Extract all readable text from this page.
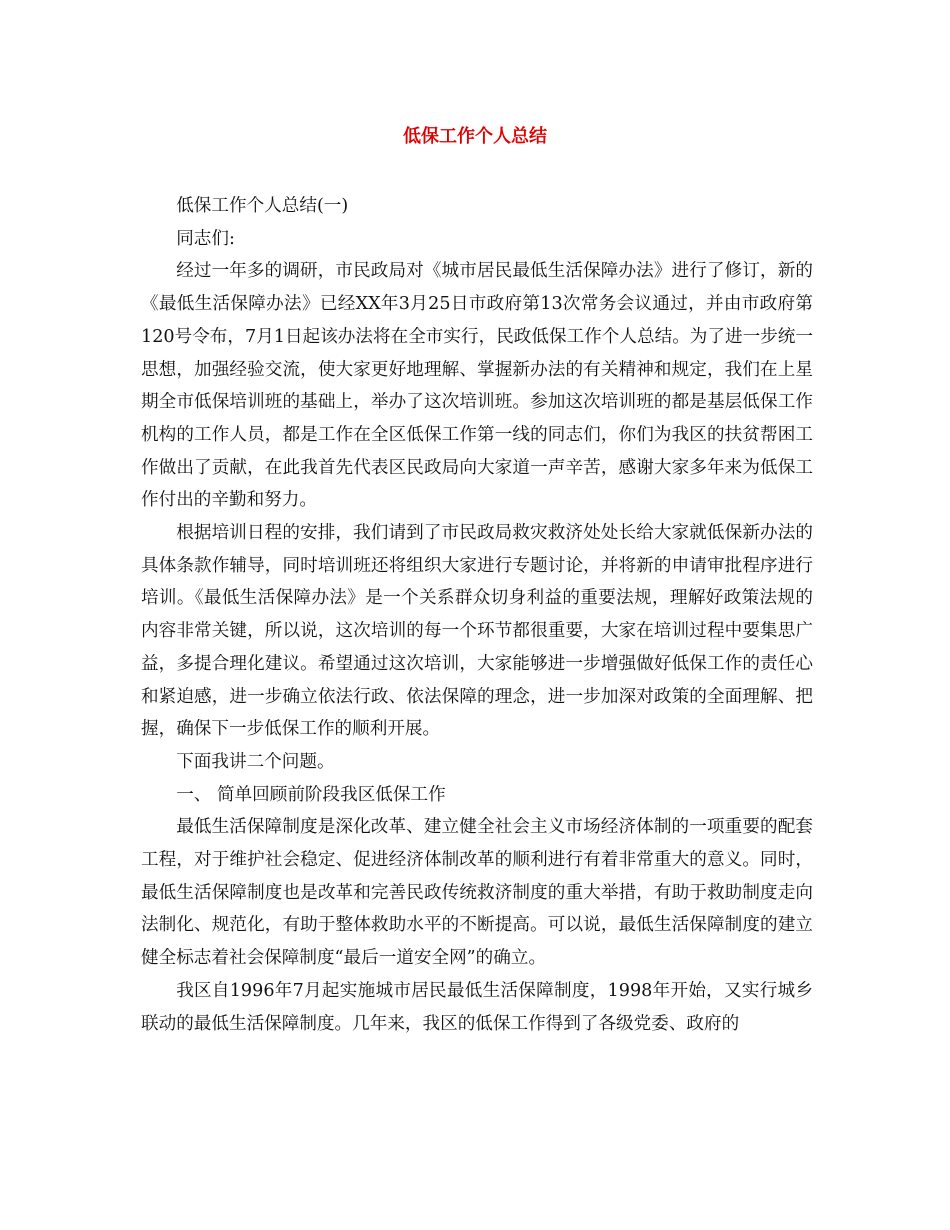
低保工作个人总结

低保工作个人总结(一)

同志们:

经过一年多的调研，市民政局对《城市居民最低生活保障办法》进行了修订，新的《最低生活保障办法》已经XX年3月25日市政府第13次常务会议通过，并由市政府第120号令布，7月1日起该办法将在全市实行，民政低保工作个人总结。为了进一步统一思想，加强经验交流，使大家更好地理解、掌握新办法的有关精神和规定，我们在上星期全市低保培训班的基础上，举办了这次培训班。参加这次培训班的都是基层低保工作机构的工作人员，都是工作在全区低保工作第一线的同志们，你们为我区的扶贫帮困工作做出了贡献，在此我首先代表区民政局向大家道一声辛苦，感谢大家多年来为低保工作付出的辛勤和努力。

根据培训日程的安排，我们请到了市民政局救灾救济处处长给大家就低保新办法的具体条款作辅导，同时培训班还将组织大家进行专题讨论，并将新的申请审批程序进行培训。《最低生活保障办法》是一个关系群众切身利益的重要法规，理解好政策法规的内容非常关键，所以说，这次培训的每一个环节都很重要，大家在培训过程中要集思广益，多提合理化建议。希望通过这次培训，大家能够进一步增强做好低保工作的责任心和紧迫感，进一步确立依法行政、依法保障的理念，进一步加深对政策的全面理解、把握，确保下一步低保工作的顺利开展。

下面我讲二个问题。

一、 简单回顾前阶段我区低保工作

最低生活保障制度是深化改革、建立健全社会主义市场经济体制的一项重要的配套工程，对于维护社会稳定、促进经济体制改革的顺利进行有着非常重大的意义。同时，最低生活保障制度也是改革和完善民政传统救济制度的重大举措，有助于救助制度走向法制化、规范化，有助于整体救助水平的不断提高。可以说，最低生活保障制度的建立健全标志着社会保障制度“最后一道安全网”的确立。

我区自1996年7月起实施城市居民最低生活保障制度，1998年开始，又实行城乡联动的最低生活保障制度。几年来，我区的低保工作得到了各级党委、政府的
